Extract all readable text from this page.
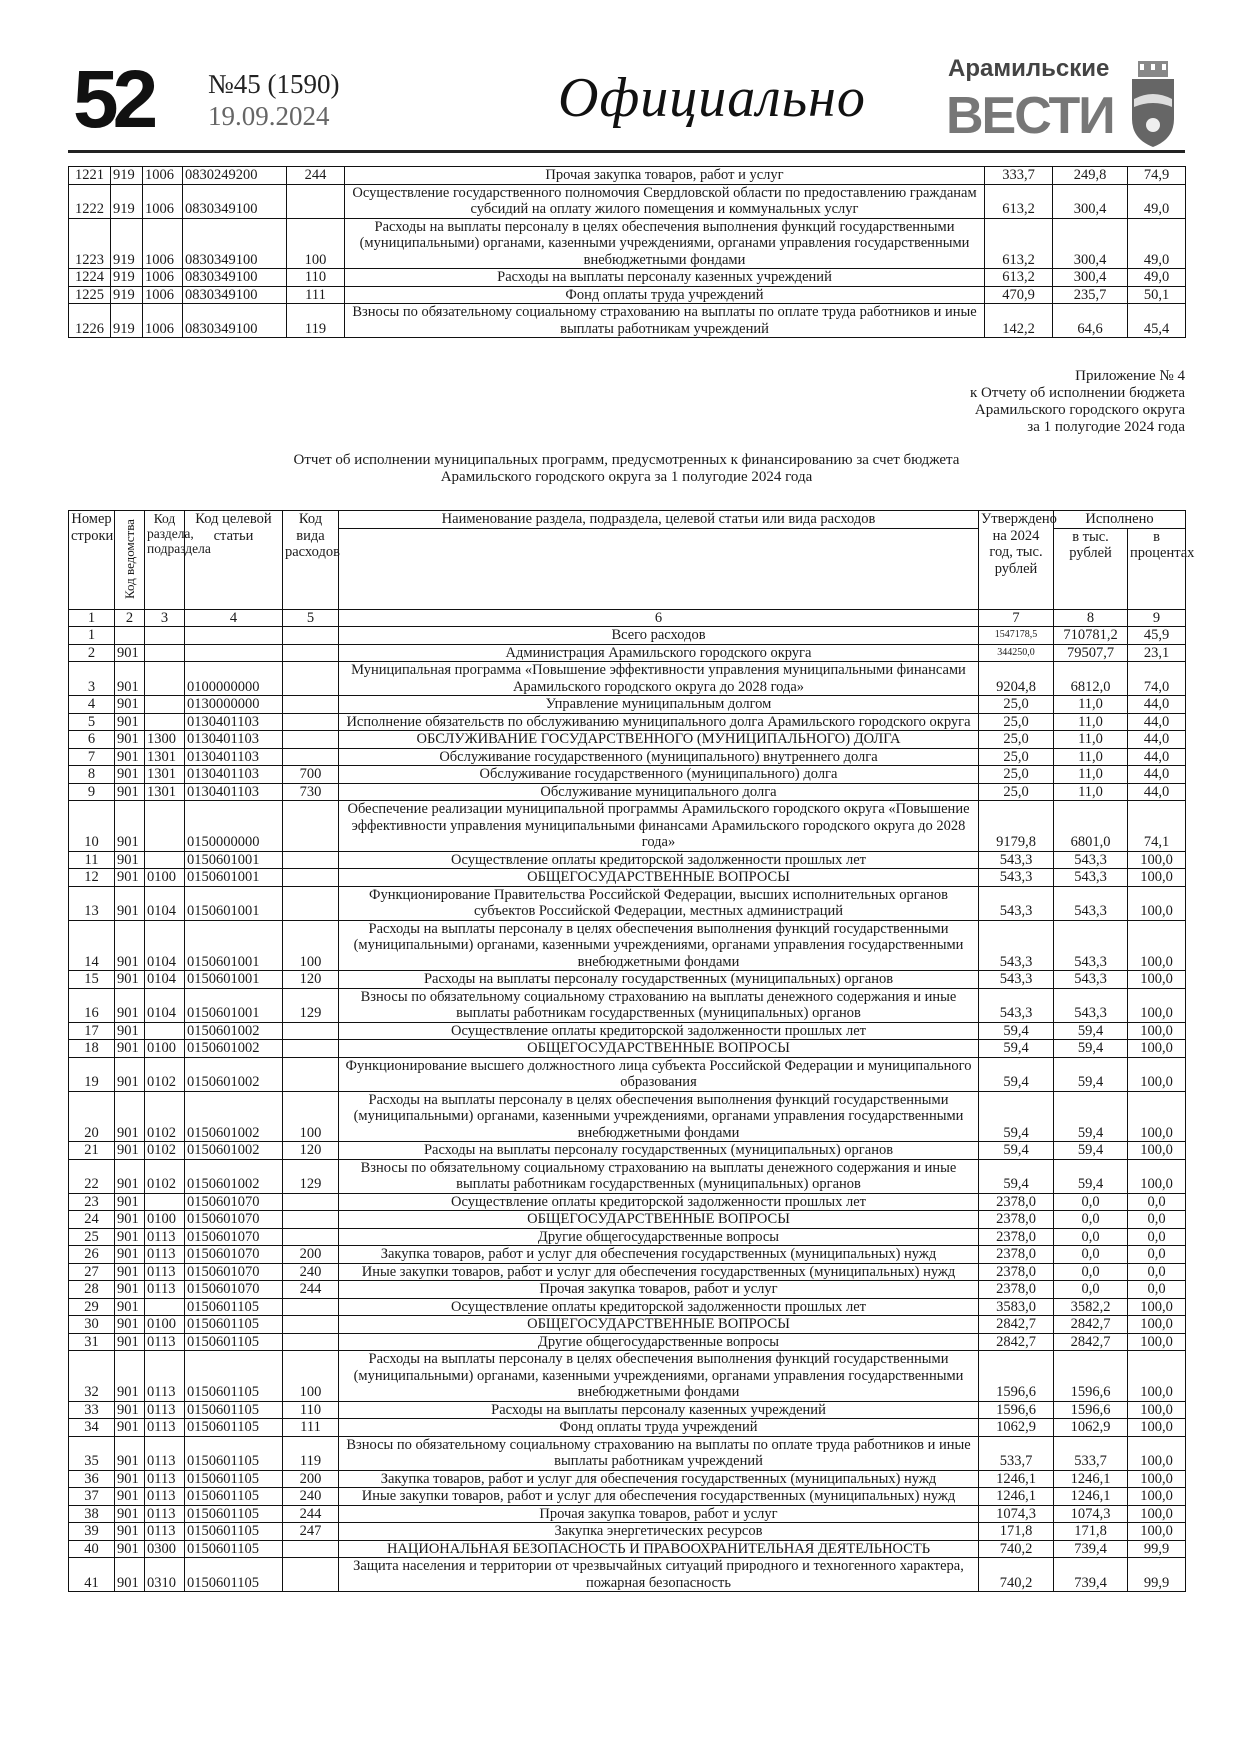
52 №45 (1590)
19.09.2024	Официально	Арамильские
ВЕСТИ
1221	919	1006	0830249200	244	Прочая закупка товаров, работ и услуг	333,7	249,8	74,9
1222	919	1006	0830349100		Осуществление государственного полномочия Свердловской области по предоставлению гражданам субсидий на оплату жилого помещения и коммунальных услуг	613,2	300,4	49,0
1223	919	1006	0830349100	100	Расходы на выплаты персоналу в целях обеспечения выполнения функций государственными (муниципальными) органами, казенными учреждениями, органами управления государственными внебюджетными фондами	613,2	300,4	49,0
1224	919	1006	0830349100	110	Расходы на выплаты персоналу казенных учреждений	613,2	300,4	49,0
1225	919	1006	0830349100	111	Фонд оплаты труда учреждений	470,9	235,7	50,1
1226	919	1006	0830349100	119	Взносы по обязательному социальному страхованию на выплаты по оплате труда работников и иные выплаты работникам учреждений	142,2	64,6	45,4
Приложение № 4
к Отчету об исполнении бюджета
Арамильского городского округа
за 1 полугодие 2024 года
Отчет об исполнении муниципальных программ, предусмотренных к финансированию за счет бюджета
Арамильского городского округа за 1 полугодие 2024 года
Номер строки	Код ведомства	Код раздела, подраздела	Код целевой статьи	Код вида расходов	Наименование раздела, подраздела, целевой статьи или вида расходов	Утверждено на 2024 год, тыс. рублей	Исполнено	
							в тыс. рублей	в процентах
1	2	3	4	5	6	7	8	9
1					Всего расходов	1547178,5	710781,2	45,9
2	901				Администрация Арамильского городского округа	344250,0	79507,7	23,1
3	901		0100000000		Муниципальная программа «Повышение эффективности управления муниципальными финансами Арамильского городского округа до 2028 года»	9204,8	6812,0	74,0
4	901		0130000000		Управление муниципальным долгом	25,0	11,0	44,0
5	901		0130401103		Исполнение обязательств по обслуживанию муниципального долга Арамильского городского округа	25,0	11,0	44,0
6	901	1300	0130401103		ОБСЛУЖИВАНИЕ ГОСУДАРСТВЕННОГО (МУНИЦИПАЛЬНОГО) ДОЛГА	25,0	11,0	44,0
7	901	1301	0130401103		Обслуживание государственного (муниципального) внутреннего долга	25,0	11,0	44,0
8	901	1301	0130401103	700	Обслуживание государственного (муниципального) долга	25,0	11,0	44,0
9	901	1301	0130401103	730	Обслуживание муниципального долга	25,0	11,0	44,0
10	901		0150000000		Обеспечение реализации муниципальной программы Арамильского городского округа «Повышение эффективности управления муниципальными финансами Арамильского городского округа до 2028 года»	9179,8	6801,0	74,1
11	901		0150601001		Осуществление оплаты кредиторской задолженности прошлых лет	543,3	543,3	100,0
12	901	0100	0150601001		ОБЩЕГОСУДАРСТВЕННЫЕ ВОПРОСЫ	543,3	543,3	100,0
13	901	0104	0150601001		Функционирование Правительства Российской Федерации, высших исполнительных органов субъектов Российской Федерации, местных администраций	543,3	543,3	100,0
14	901	0104	0150601001	100	Расходы на выплаты персоналу в целях обеспечения выполнения функций государственными (муниципальными) органами, казенными учреждениями, органами управления государственными внебюджетными фондами	543,3	543,3	100,0
15	901	0104	0150601001	120	Расходы на выплаты персоналу государственных (муниципальных) органов	543,3	543,3	100,0
16	901	0104	0150601001	129	Взносы по обязательному социальному страхованию на выплаты денежного содержания и иные выплаты работникам государственных (муниципальных) органов	543,3	543,3	100,0
17	901		0150601002		Осуществление оплаты кредиторской задолженности прошлых лет	59,4	59,4	100,0
18	901	0100	0150601002		ОБЩЕГОСУДАРСТВЕННЫЕ ВОПРОСЫ	59,4	59,4	100,0
19	901	0102	0150601002		Функционирование высшего должностного лица субъекта Российской Федерации и муниципального образования	59,4	59,4	100,0
20	901	0102	0150601002	100	Расходы на выплаты персоналу в целях обеспечения выполнения функций государственными (муниципальными) органами, казенными учреждениями, органами управления государственными внебюджетными фондами	59,4	59,4	100,0
21	901	0102	0150601002	120	Расходы на выплаты персоналу государственных (муниципальных) органов	59,4	59,4	100,0
22	901	0102	0150601002	129	Взносы по обязательному социальному страхованию на выплаты денежного содержания и иные выплаты работникам государственных (муниципальных) органов	59,4	59,4	100,0
23	901		0150601070		Осуществление оплаты кредиторской задолженности прошлых лет	2378,0	0,0	0,0
24	901	0100	0150601070		ОБЩЕГОСУДАРСТВЕННЫЕ ВОПРОСЫ	2378,0	0,0	0,0
25	901	0113	0150601070		Другие общегосударственные вопросы	2378,0	0,0	0,0
26	901	0113	0150601070	200	Закупка товаров, работ и услуг для обеспечения государственных (муниципальных) нужд	2378,0	0,0	0,0
27	901	0113	0150601070	240	Иные закупки товаров, работ и услуг для обеспечения государственных (муниципальных) нужд	2378,0	0,0	0,0
28	901	0113	0150601070	244	Прочая закупка товаров, работ и услуг	2378,0	0,0	0,0
29	901		0150601105		Осуществление оплаты кредиторской задолженности прошлых лет	3583,0	3582,2	100,0
30	901	0100	0150601105		ОБЩЕГОСУДАРСТВЕННЫЕ ВОПРОСЫ	2842,7	2842,7	100,0
31	901	0113	0150601105		Другие общегосударственные вопросы	2842,7	2842,7	100,0
32	901	0113	0150601105	100	Расходы на выплаты персоналу в целях обеспечения выполнения функций государственными (муниципальными) органами, казенными учреждениями, органами управления государственными внебюджетными фондами	1596,6	1596,6	100,0
33	901	0113	0150601105	110	Расходы на выплаты персоналу казенных учреждений	1596,6	1596,6	100,0
34	901	0113	0150601105	111	Фонд оплаты труда учреждений	1062,9	1062,9	100,0
35	901	0113	0150601105	119	Взносы по обязательному социальному страхованию на выплаты по оплате труда работников и иные выплаты работникам учреждений	533,7	533,7	100,0
36	901	0113	0150601105	200	Закупка товаров, работ и услуг для обеспечения государственных (муниципальных) нужд	1246,1	1246,1	100,0
37	901	0113	0150601105	240	Иные закупки товаров, работ и услуг для обеспечения государственных (муниципальных) нужд	1246,1	1246,1	100,0
38	901	0113	0150601105	244	Прочая закупка товаров, работ и услуг	1074,3	1074,3	100,0
39	901	0113	0150601105	247	Закупка энергетических ресурсов	171,8	171,8	100,0
40	901	0300	0150601105		НАЦИОНАЛЬНАЯ БЕЗОПАСНОСТЬ И ПРАВООХРАНИТЕЛЬНАЯ ДЕЯТЕЛЬНОСТЬ	740,2	739,4	99,9
41	901	0310	0150601105		Защита населения и территории от чрезвычайных ситуаций природного и техногенного характера, пожарная безопасность	740,2	739,4	99,9
